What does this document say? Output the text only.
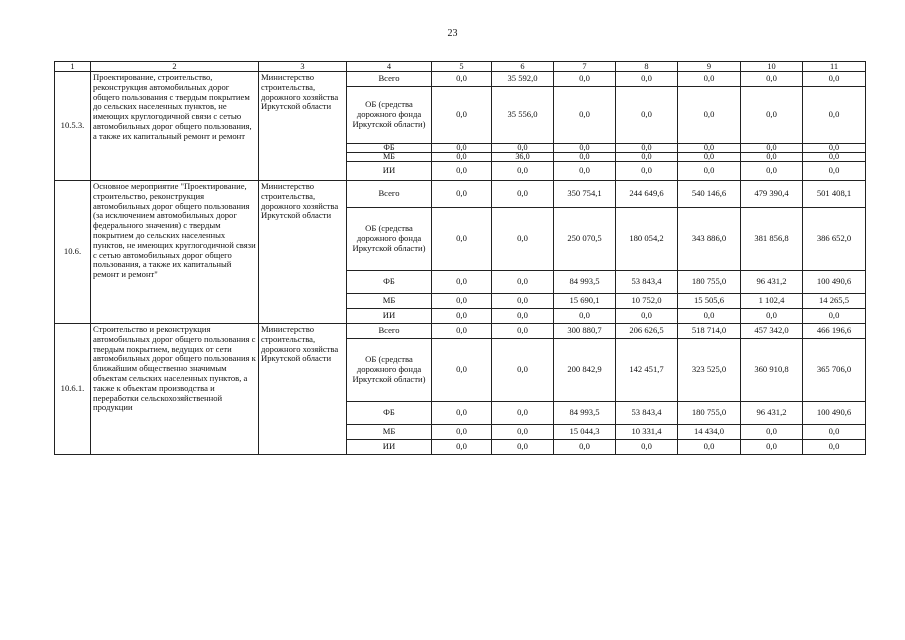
23
1	2	3	4	5	6	7	8	9	10	11
10.5.3.	Проектирование, строительство, реконструкция автомобильных дорог общего пользования с твердым покрытием до сельских населенных пунктов, не имеющих круглогодичной связи с сетью автомобильных дорог общего пользования, а также их капитальный ремонт и ремонт	Министерство строительства, дорожного хозяйства Иркутской области	Всего	0,0	35 592,0	0,0	0,0	0,0	0,0	0,0
			ОБ (средства дорожного фонда Иркутской области)	0,0	35 556,0	0,0	0,0	0,0	0,0	0,0
			ФБ	0,0	0,0	0,0	0,0	0,0	0,0	0,0
			МБ	0,0	36,0	0,0	0,0	0,0	0,0	0,0
			ИИ	0,0	0,0	0,0	0,0	0,0	0,0	0,0
10.6.	Основное мероприятие "Проектирование, строительство, реконструкция автомобильных дорог общего пользования (за исключением автомобильных дорог федерального значения) с твердым покрытием до сельских населенных пунктов, не имеющих круглогодичной связи с сетью автомобильных дорог общего пользования, а также их капитальный ремонт и ремонт"	Министерство строительства, дорожного хозяйства Иркутской области	Всего	0,0	0,0	350 754,1	244 649,6	540 146,6	479 390,4	501 408,1
			ОБ (средства дорожного фонда Иркутской области)	0,0	0,0	250 070,5	180 054,2	343 886,0	381 856,8	386 652,0
			ФБ	0,0	0,0	84 993,5	53 843,4	180 755,0	96 431,2	100 490,6
			МБ	0,0	0,0	15 690,1	10 752,0	15 505,6	1 102,4	14 265,5
			ИИ	0,0	0,0	0,0	0,0	0,0	0,0	0,0
10.6.1.	Строительство и реконструкция автомобильных дорог общего пользования с твердым покрытием, ведущих от сети автомобильных дорог общего пользования к ближайшим общественно значимым объектам сельских населенных пунктов, а также к объектам производства и переработки сельскохозяйственной продукции	Министерство строительства, дорожного хозяйства Иркутской области	Всего	0,0	0,0	300 880,7	206 626,5	518 714,0	457 342,0	466 196,6
			ОБ (средства дорожного фонда Иркутской области)	0,0	0,0	200 842,9	142 451,7	323 525,0	360 910,8	365 706,0
			ФБ	0,0	0,0	84 993,5	53 843,4	180 755,0	96 431,2	100 490,6
			МБ	0,0	0,0	15 044,3	10 331,4	14 434,0	0,0	0,0
			ИИ	0,0	0,0	0,0	0,0	0,0	0,0	0,0
